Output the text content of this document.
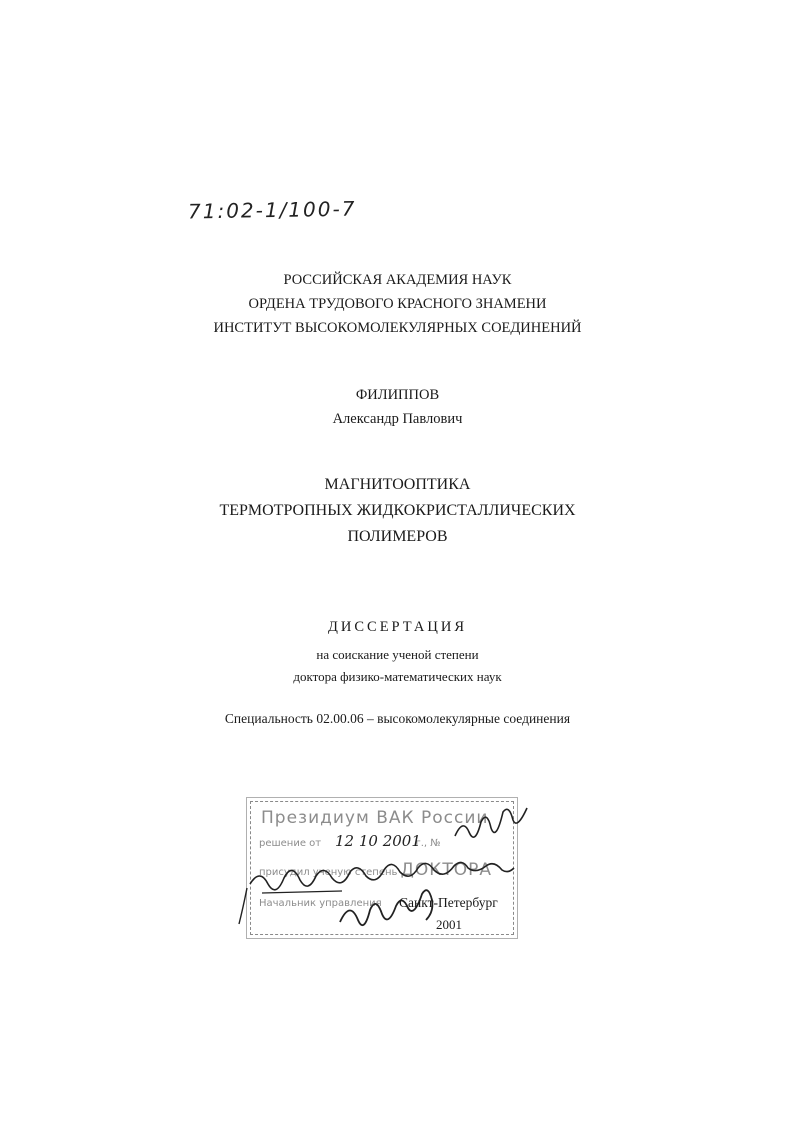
71:02-1/100-7
РОССИЙСКАЯ АКАДЕМИЯ НАУК
ОРДЕНА ТРУДОВОГО КРАСНОГО ЗНАМЕНИ
ИНСТИТУТ ВЫСОКОМОЛЕКУЛЯРНЫХ СОЕДИНЕНИЙ
ФИЛИППОВ
Александр Павлович
МАГНИТООПТИКА
ТЕРМОТРОПНЫХ ЖИДКОКРИСТАЛЛИЧЕСКИХ
ПОЛИМЕРОВ
ДИССЕРТАЦИЯ
на соискание ученой степени
доктора физико-математических наук
Специальность 02.00.06 – высокомолекулярные соединения
Президиум ВАК России
решение от	г., №
12 10 2001
присудил ученую степень ДОКТОРА
Начальник управления Санкт-Петербург
2001
